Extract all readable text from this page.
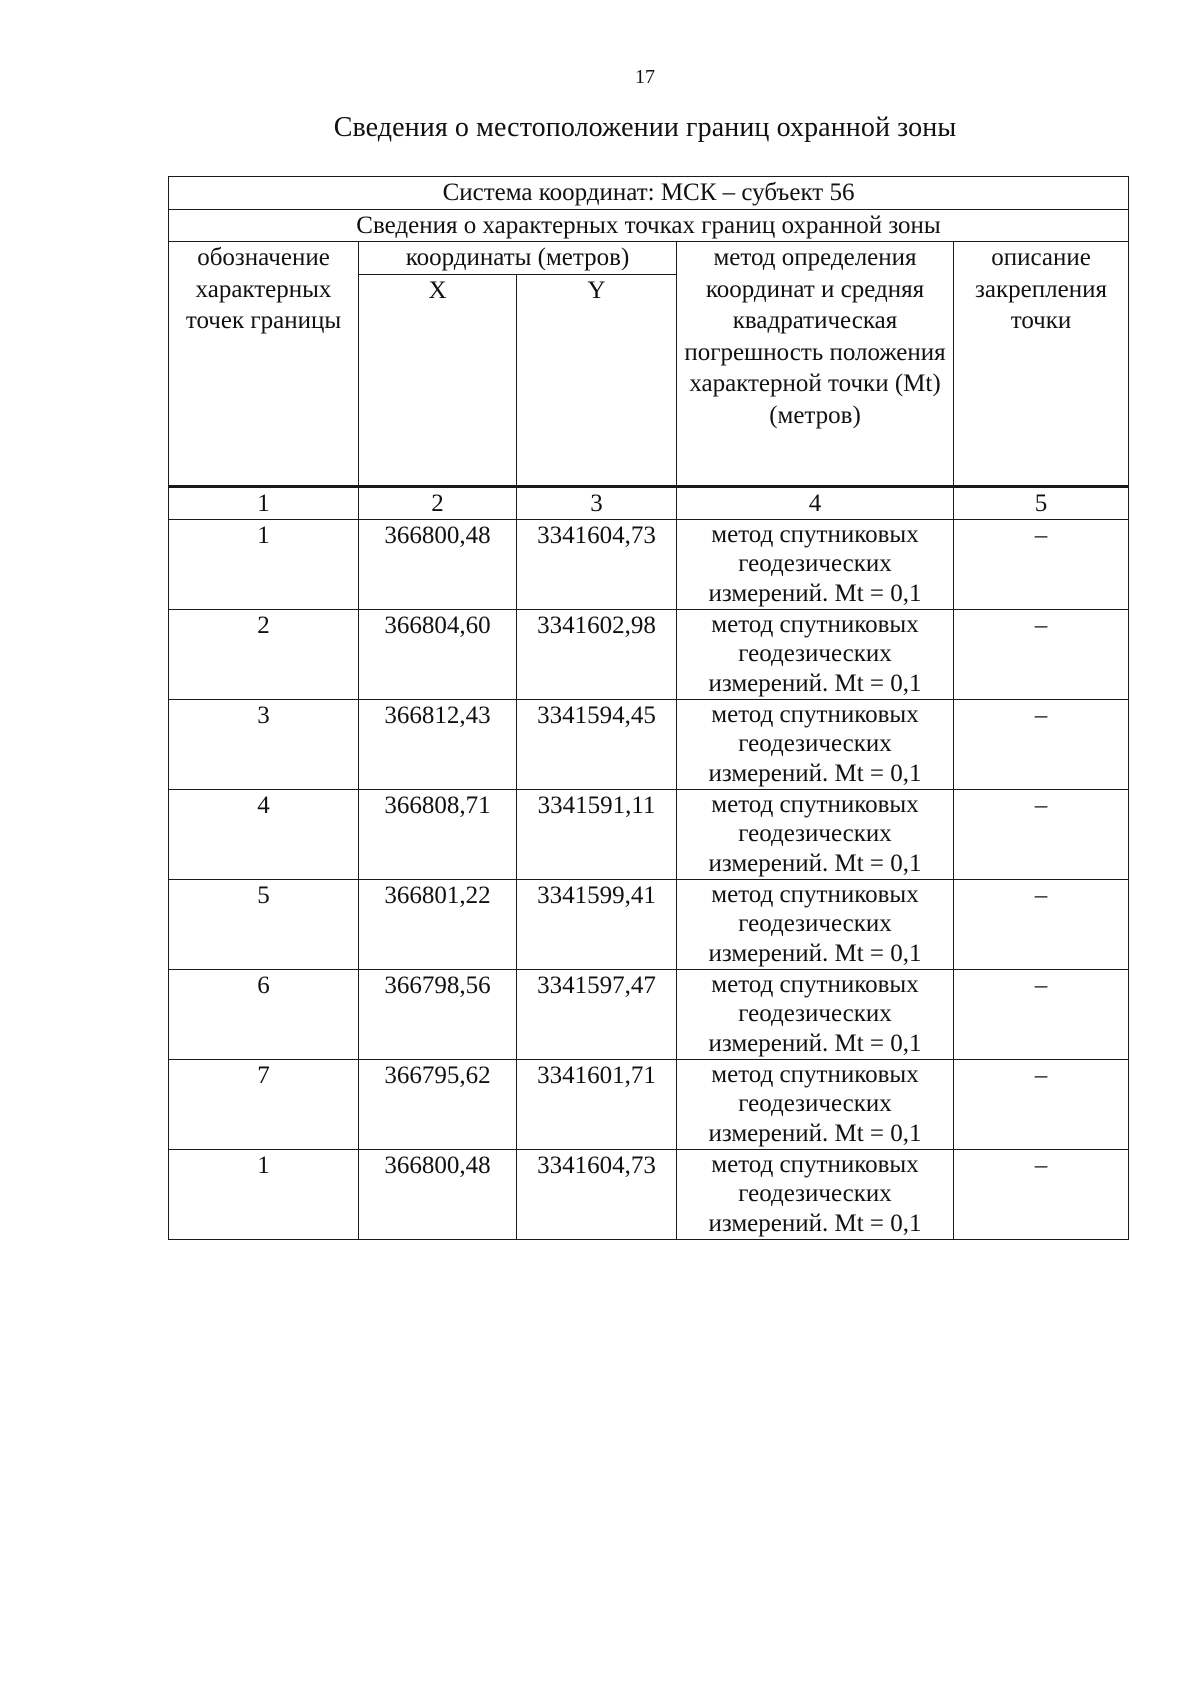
17
Сведения о местоположении границ охранной зоны
Система координат: МСК – субъект 56				
Сведения о характерных точках границ охранной зоны				
обозначение характерных точек границы	координаты (метров)		метод определения координат и средняя квадратическая погрешность положения характерной точки (Mt) (метров)	описание закрепления точки
	X	Y		
1	2	3	4	5
1	366800,48	3341604,73	метод спутниковых
геодезических
измерений. Mt = 0,1	–
2	366804,60	3341602,98	метод спутниковых
геодезических
измерений. Mt = 0,1	–
3	366812,43	3341594,45	метод спутниковых
геодезических
измерений. Mt = 0,1	–
4	366808,71	3341591,11	метод спутниковых
геодезических
измерений. Mt = 0,1	–
5	366801,22	3341599,41	метод спутниковых
геодезических
измерений. Mt = 0,1	–
6	366798,56	3341597,47	метод спутниковых
геодезических
измерений. Mt = 0,1	–
7	366795,62	3341601,71	метод спутниковых
геодезических
измерений. Mt = 0,1	–
1	366800,48	3341604,73	метод спутниковых
геодезических
измерений. Mt = 0,1	–
